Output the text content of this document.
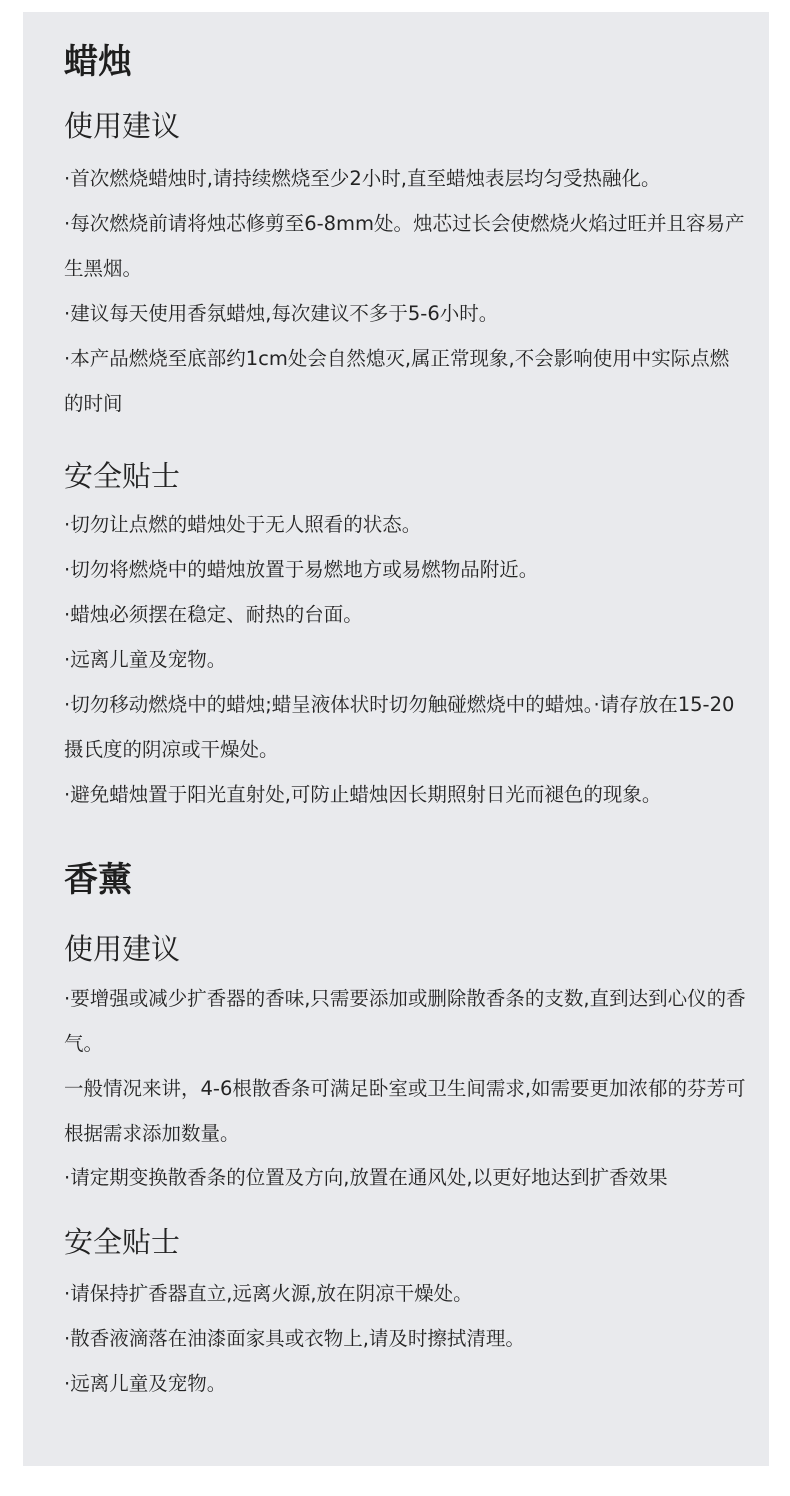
蜡烛
使用建议

·首次燃烧蜡烛时,请持续燃烧至少2小时,直至蜡烛表层均匀受热融化。

·每次燃烧前请将烛芯修剪至6-8mm处。烛芯过长会使燃烧火焰过旺并且容易产生黑烟。

·建议每天使用香氛蜡烛,每次建议不多于5-6小时。

·本产品燃烧至底部约1cm处会自然熄灭,属正常现象,不会影响使用中实际点燃的时间

安全贴士

·切勿让点燃的蜡烛处于无人照看的状态。

·切勿将燃烧中的蜡烛放置于易燃地方或易燃物品附近。

·蜡烛必须摆在稳定、耐热的台面。

·远离儿童及宠物。

·切勿移动燃烧中的蜡烛;蜡呈液体状时切勿触碰燃烧中的蜡烛。·请存放在15-20摄氏度的阴凉或干燥处。

·避免蜡烛置于阳光直射处,可防止蜡烛因长期照射日光而褪色的现象。

香薰
使用建议

·要增强或减少扩香器的香味,只需要添加或删除散香条的支数,直到达到心仪的香气。

一般情况来讲，4-6根散香条可满足卧室或卫生间需求,如需要更加浓郁的芬芳可根据需求添加数量。

·请定期变换散香条的位置及方向,放置在通风处,以更好地达到扩香效果

安全贴士

·请保持扩香器直立,远离火源,放在阴凉干燥处。

·散香液滴落在油漆面家具或衣物上,请及时擦拭清理。

·远离儿童及宠物。
